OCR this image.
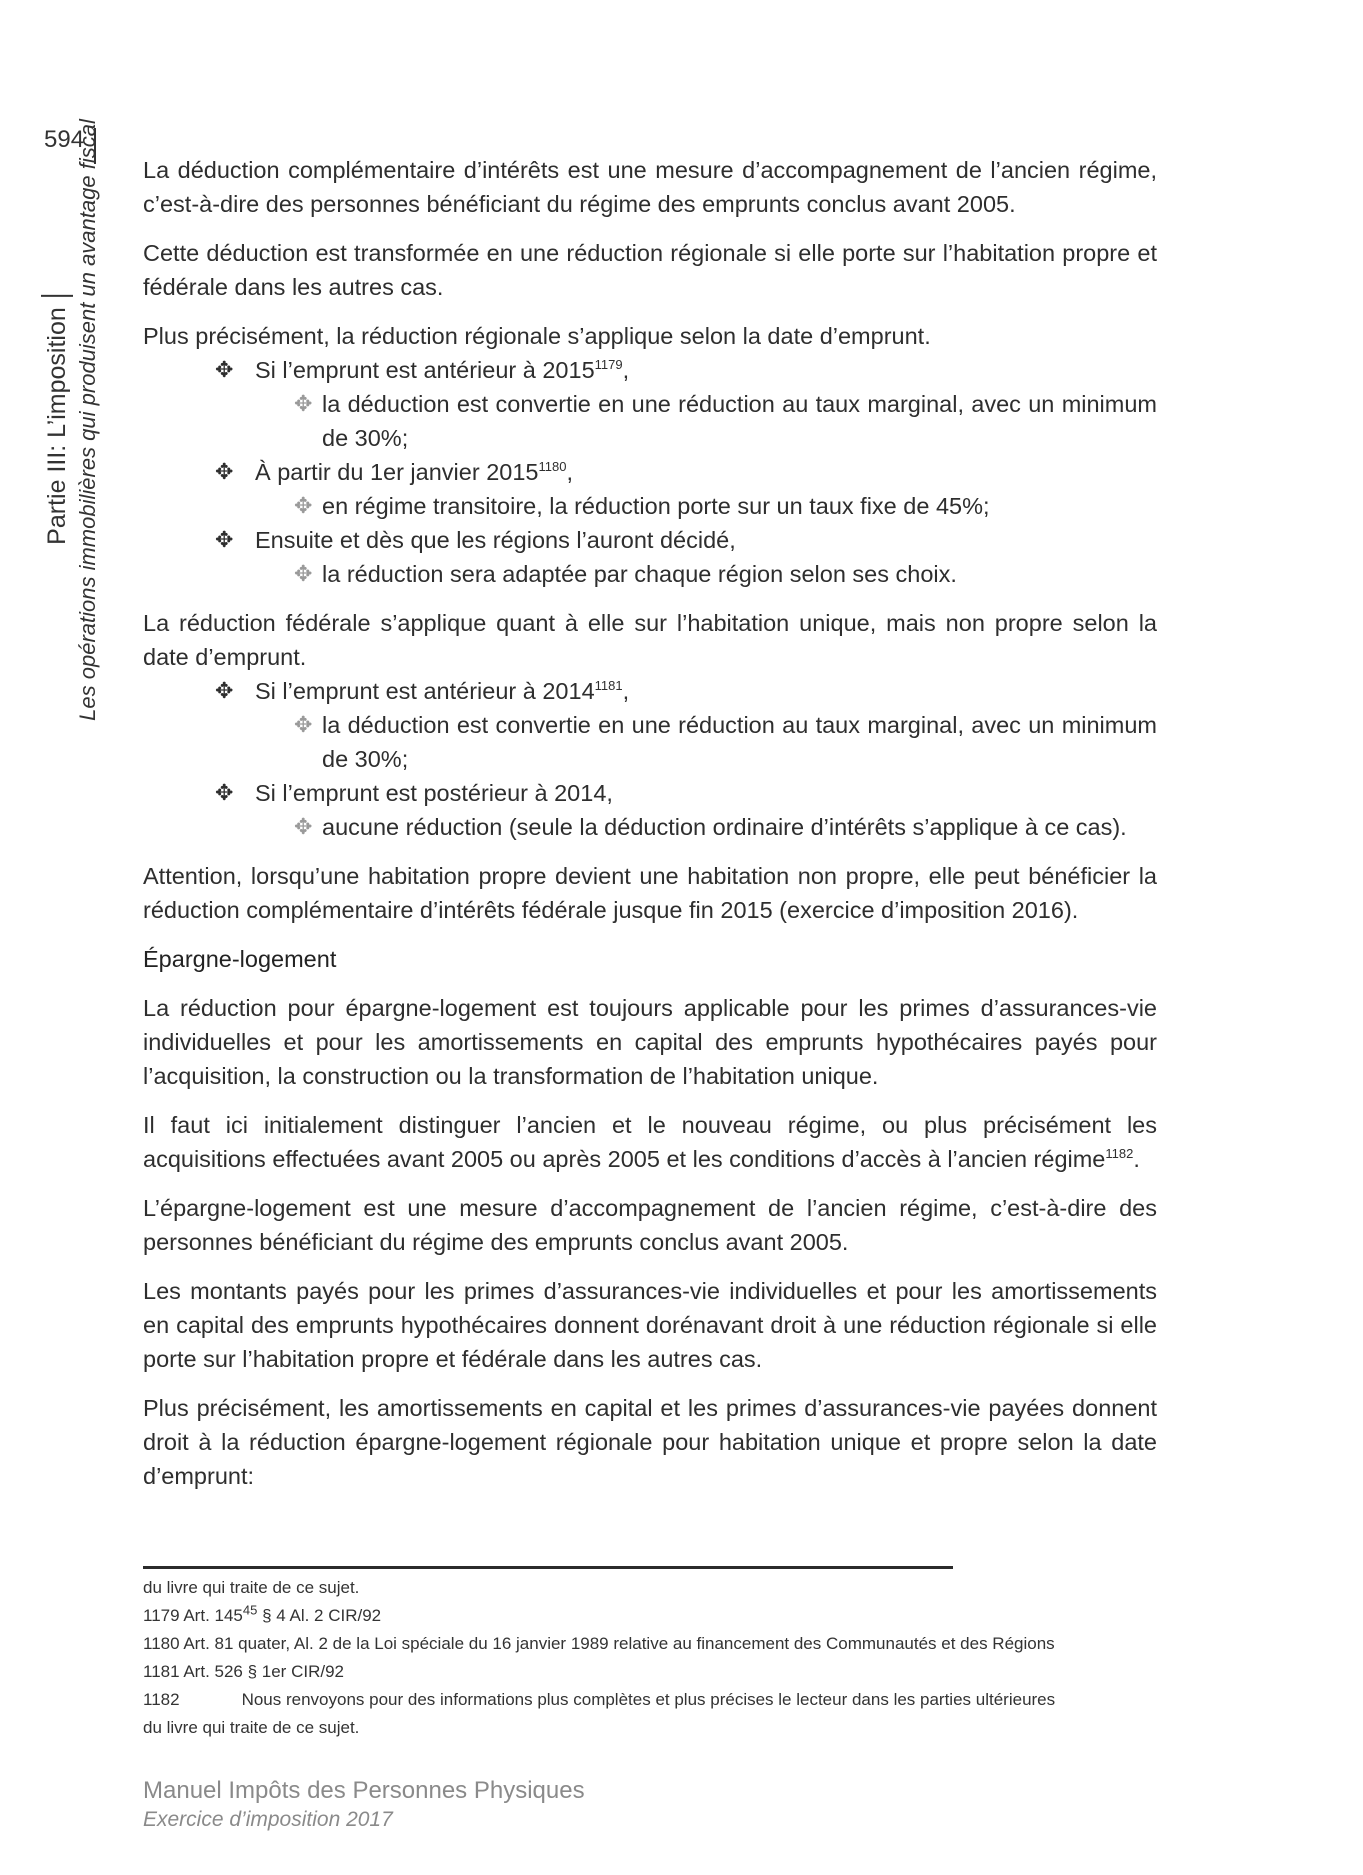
594
Partie III: L’imposition Les opérations immobilières qui produisent un avantage fiscal La déduction complémentaire d’intérêts est une mesure d’accompagnement de l’ancien régime, c’est-à-dire des personnes bénéficiant du régime des emprunts conclus avant 2005.

Cette déduction est transformée en une réduction régionale si elle porte sur l’habitation propre et fédérale dans les autres cas.

Plus précisément, la réduction régionale s’applique selon la date d’emprunt.

✥ Si l’emprunt est antérieur à $2015^{1179}$,
✥ la déduction est convertie en une réduction au taux marginal, avec un minimum de 30%;
✥ À partir du 1er janvier $2015^{1180}$,
✥ en régime transitoire, la réduction porte sur un taux fixe de 45%;
✥ Ensuite et dès que les régions l’auront décidé,
✥ la réduction sera adaptée par chaque région selon ses choix.

La réduction fédérale s’applique quant à elle sur l’habitation unique, mais non propre selon la date d’emprunt.

✥ Si l’emprunt est antérieur à $2014^{1181}$,
✥ la déduction est convertie en une réduction au taux marginal, avec un minimum de 30%;
✥ Si l’emprunt est postérieur à 2014,
✥ aucune réduction (seule la déduction ordinaire d’intérêts s’applique à ce cas).

Attention, lorsqu’une habitation propre devient une habitation non propre, elle peut bénéficier la réduction complémentaire d’intérêts fédérale jusque fin 2015 (exercice d’imposition 2016).

Épargne-logement

La réduction pour épargne-logement est toujours applicable pour les primes d’assurances-vie individuelles et pour les amortissements en capital des emprunts hypothécaires payés pour l’acquisition, la construction ou la transformation de l’habitation unique.

Il faut ici initialement distinguer l’ancien et le nouveau régime, ou plus précisément les acquisitions effectuées avant 2005 ou après 2005 et les conditions d’accès à l’ancien régime$^{1182}$.

L’épargne-logement est une mesure d’accompagnement de l’ancien régime, c’est-à-dire des personnes bénéficiant du régime des emprunts conclus avant 2005.

Les montants payés pour les primes d’assurances-vie individuelles et pour les amortissements en capital des emprunts hypothécaires donnent dorénavant droit à une réduction régionale si elle porte sur l’habitation propre et fédérale dans les autres cas.

Plus précisément, les amortissements en capital et les primes d’assurances-vie payées donnent droit à la réduction épargne-logement régionale pour habitation unique et propre selon la date d’emprunt:

du livre qui traite de ce sujet.
1179 Art. $145^{45}$ § 4 Al. 2 CIR/92
1180 Art. 81 quater, Al. 2 de la Loi spéciale du 16 janvier 1989 relative au financement des Communautés et des Régions
1181 Art. 526 § 1er CIR/92
1182	Nous renvoyons pour des informations plus complètes et plus précises le lecteur dans les parties ultérieures
du livre qui traite de ce sujet.
Manuel Impôts des Personnes Physiques
Exercice d’imposition 2017
